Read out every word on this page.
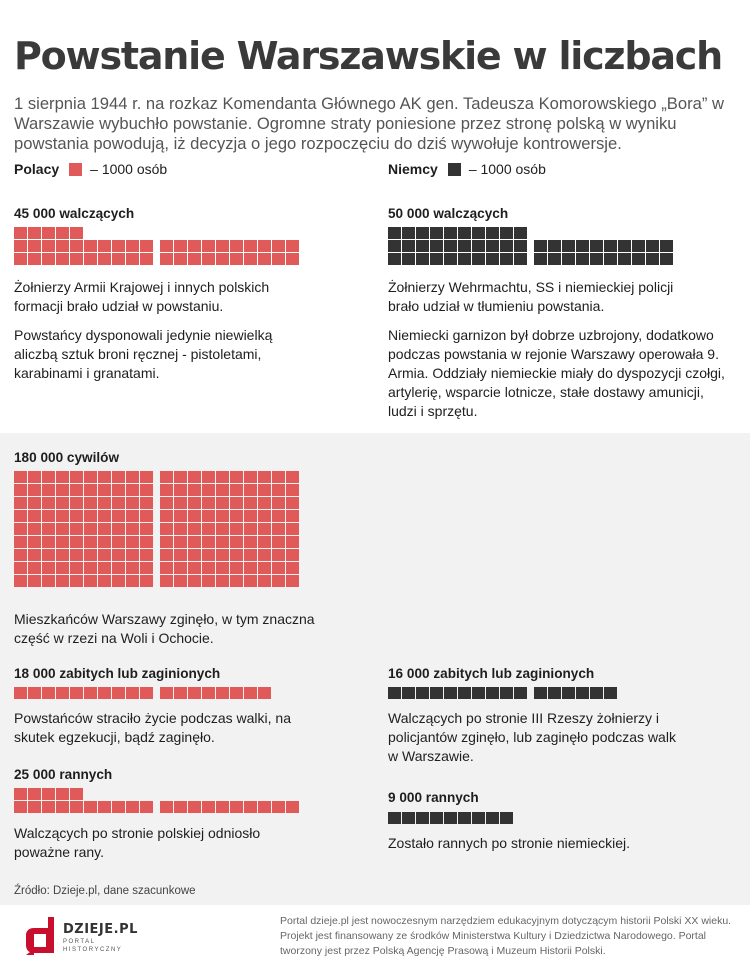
Powstanie Warszawskie w liczbach
1 sierpnia 1944 r. na rozkaz Komendanta Głównego AK gen. Tadeusza Komorowskiego „Bora” w Warszawie wybuchło powstanie. Ogromne straty poniesione przez stronę polską w wyniku powstania powodują, iż decyzja o jego rozpoczęciu do dziś wywołuje kontrowersje.
Polacy – 1000 osób	Niemcy – 1000 osób
45 000 walczących
Żołnierzy Armii Krajowej i innych polskich formacji brało udział w powstaniu.
Powstańcy dysponowali jedynie niewielką aliczbą sztuk broni ręcznej - pistoletami, karabinami i granatami.
50 000 walczących
Żołnierzy Wehrmachtu, SS i niemieckiej policji brało udział w tłumieniu powstania.
Niemiecki garnizon był dobrze uzbrojony, dodatkowo podczas powstania w rejonie Warszawy operowała 9. Armia. Oddziały niemieckie miały do dyspozycji czołgi, artylerię, wsparcie lotnicze, stałe dostawy amunicji, ludzi i sprzętu.
180 000 cywilów
Mieszkańców Warszawy zginęło, w tym znaczna część w rzezi na Woli i Ochocie.
18 000 zabitych lub zaginionych
Powstańców straciło życie podczas walki, na skutek egzekucji, bądź zaginęło.
16 000 zabitych lub zaginionych
Walczących po stronie III Rzeszy żołnierzy i policjantów zginęło, lub zaginęło podczas walk w Warszawie.
25 000 rannych
Walczących po stronie polskiej odniosło poważne rany.
9 000 rannych
Zostało rannych po stronie niemieckiej.
Źródło: Dzieje.pl, dane szacunkowe
DZIEJE.PL
PORTAL HISTORYCZNY
Portal dzieje.pl jest nowoczesnym narzędziem edukacyjnym dotyczącym historii Polski XX wieku. Projekt jest finansowany ze środków Ministerstwa Kultury i Dziedzictwa Narodowego. Portal tworzony jest przez Polską Agencję Prasową i Muzeum Historii Polski.
